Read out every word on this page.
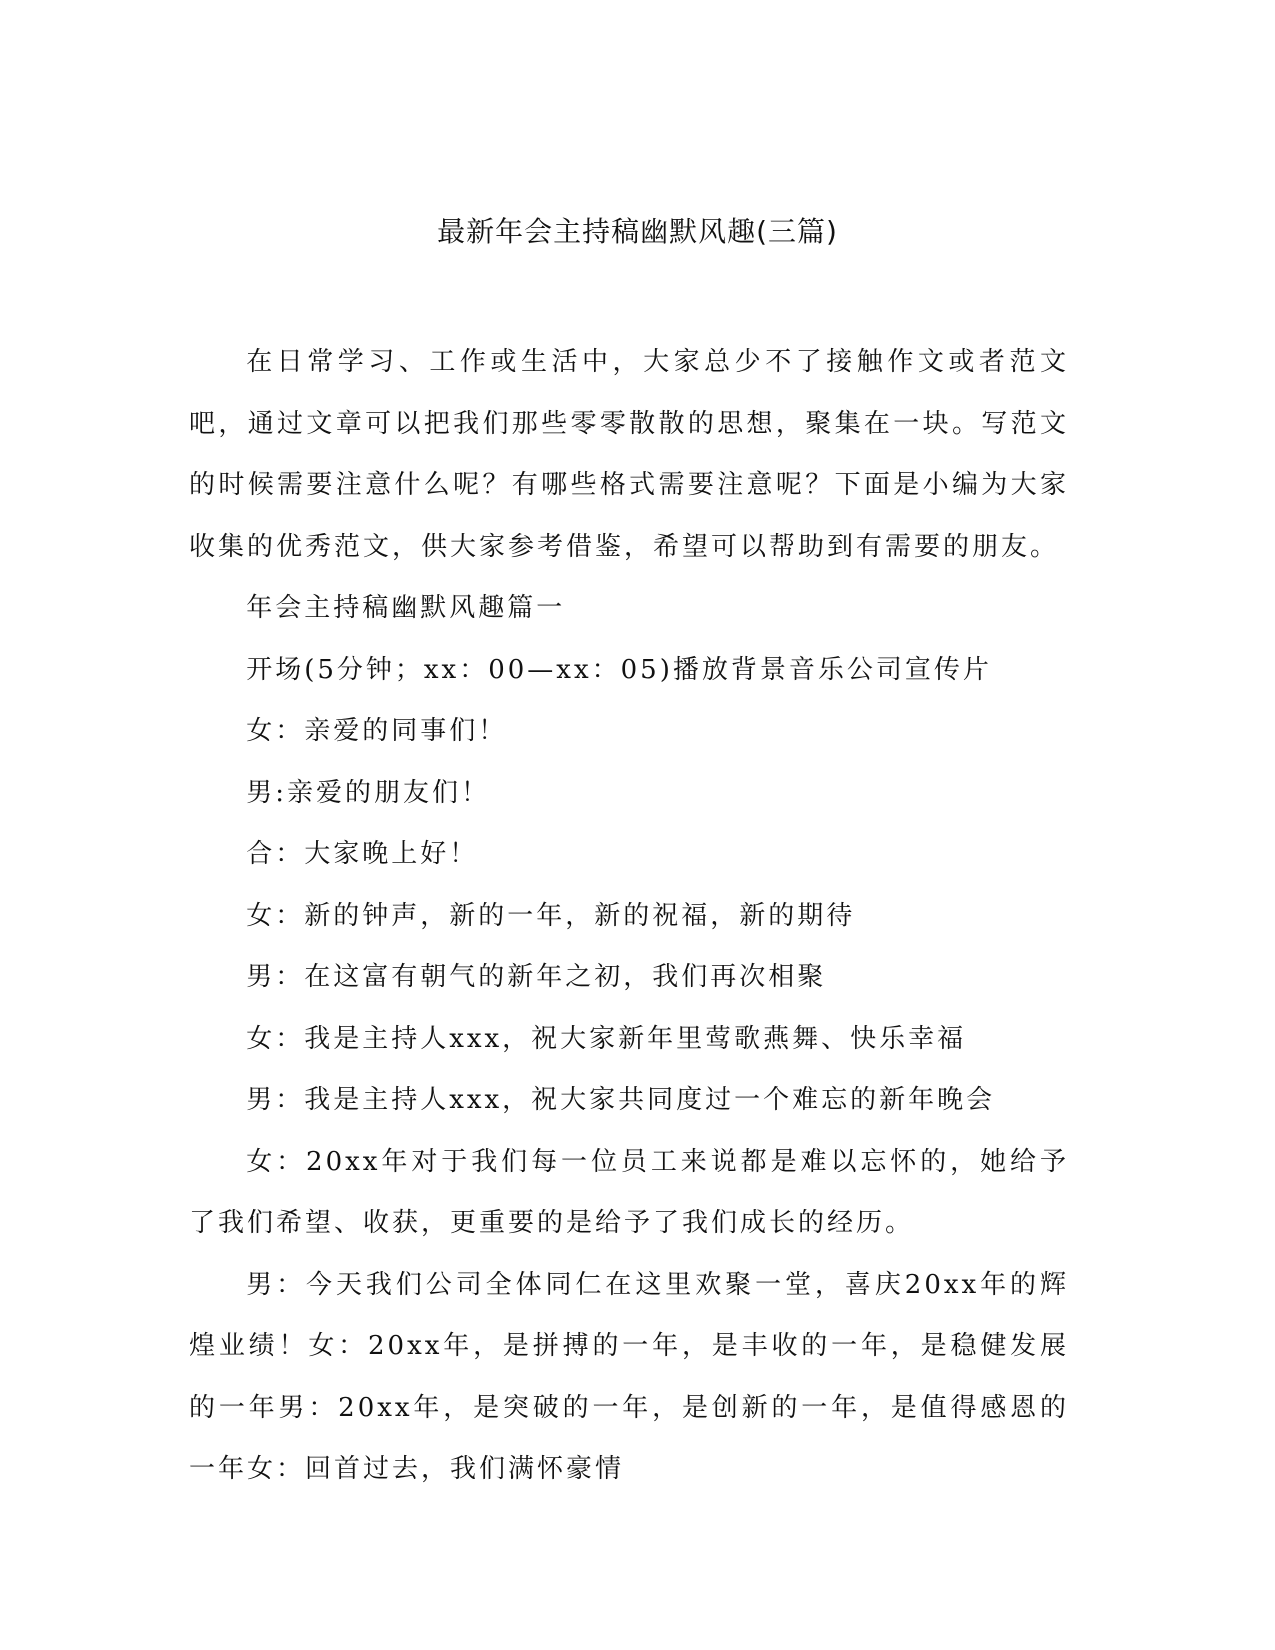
最新年会主持稿幽默风趣(三篇)

在日常学习、工作或生活中，大家总少不了接触作文或者范文吧，通过文章可以把我们那些零零散散的思想，聚集在一块。写范文的时候需要注意什么呢？有哪些格式需要注意呢？下面是小编为大家收集的优秀范文，供大家参考借鉴，希望可以帮助到有需要的朋友。

年会主持稿幽默风趣篇一

开场(5分钟；xx：00—xx：05)播放背景音乐公司宣传片

女：亲爱的同事们！

男:亲爱的朋友们！

合：大家晚上好！

女：新的钟声，新的一年，新的祝福，新的期待

男：在这富有朝气的新年之初，我们再次相聚

女：我是主持人xxx，祝大家新年里莺歌燕舞、快乐幸福

男：我是主持人xxx，祝大家共同度过一个难忘的新年晚会

女：20xx年对于我们每一位员工来说都是难以忘怀的，她给予了我们希望、收获，更重要的是给予了我们成长的经历。

男：今天我们公司全体同仁在这里欢聚一堂，喜庆20xx年的辉煌业绩！女：20xx年，是拼搏的一年，是丰收的一年，是稳健发展的一年男：20xx年，是突破的一年，是创新的一年，是值得感恩的一年女：回首过去，我们满怀豪情
